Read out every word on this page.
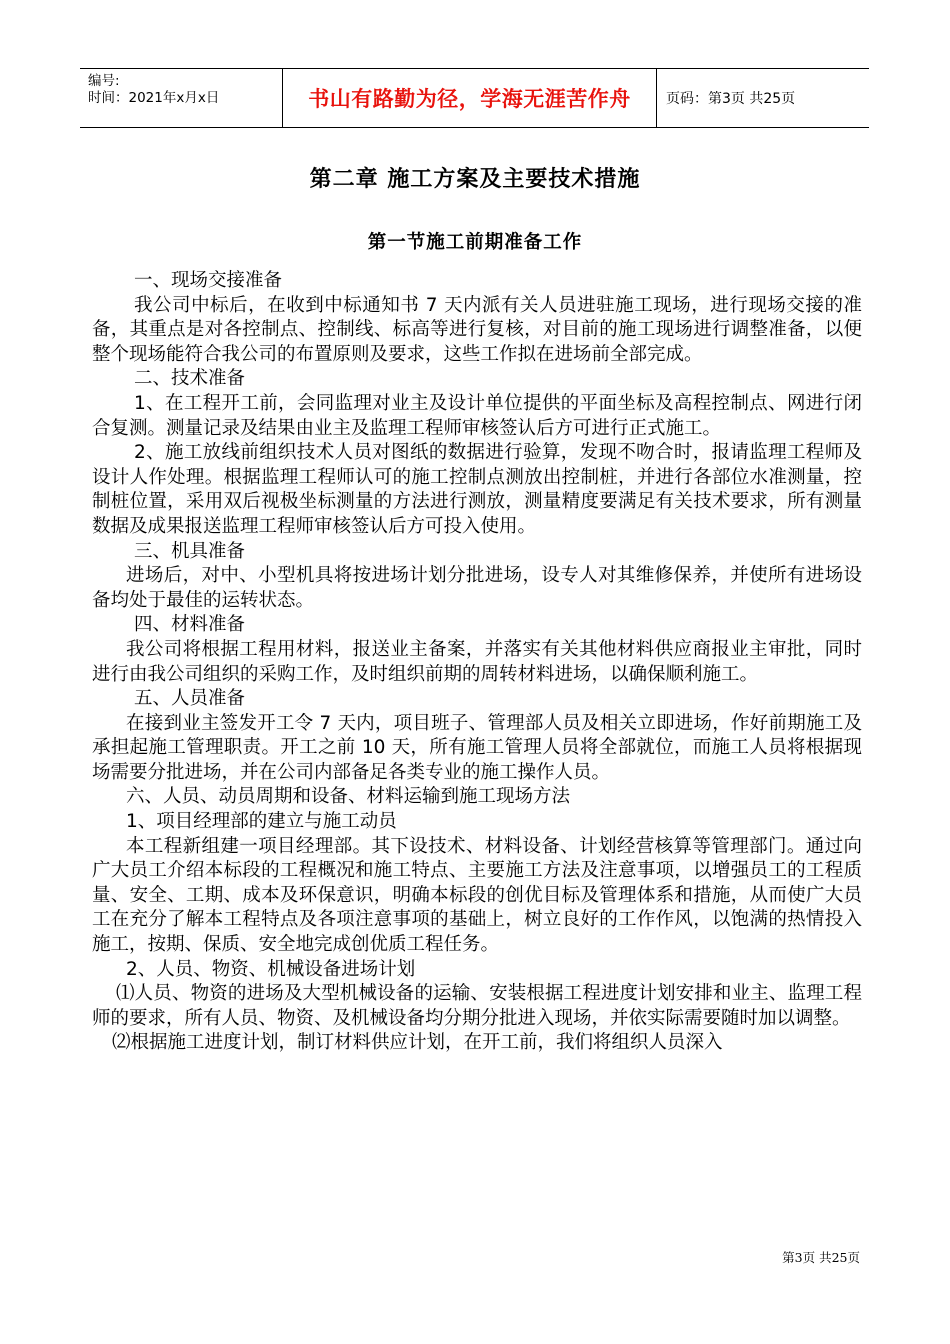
编号:
时间：2021年x月x日	书山有路勤为径，学海无涯苦作舟	页码：第3页 共25页
第二章 施工方案及主要技术措施
第一节施工前期准备工作

一、现场交接准备

我公司中标后，在收到中标通知书 7 天内派有关人员进驻施工现场，进行现场交接的准备，其重点是对各控制点、控制线、标高等进行复核，对目前的施工现场进行调整准备，以便整个现场能符合我公司的布置原则及要求，这些工作拟在进场前全部完成。

二、技术准备

1、在工程开工前，会同监理对业主及设计单位提供的平面坐标及高程控制点、网进行闭合复测。测量记录及结果由业主及监理工程师审核签认后方可进行正式施工。

2、施工放线前组织技术人员对图纸的数据进行验算，发现不吻合时，报请监理工程师及设计人作处理。根据监理工程师认可的施工控制点测放出控制桩，并进行各部位水准测量，控制桩位置，采用双后视极坐标测量的方法进行测放，测量精度要满足有关技术要求，所有测量数据及成果报送监理工程师审核签认后方可投入使用。

三、机具准备

进场后，对中、小型机具将按进场计划分批进场，设专人对其维修保养，并使所有进场设备均处于最佳的运转状态。

四、材料准备

我公司将根据工程用材料，报送业主备案，并落实有关其他材料供应商报业主审批，同时进行由我公司组织的采购工作，及时组织前期的周转材料进场，以确保顺利施工。

五、人员准备

在接到业主签发开工令 7 天内，项目班子、管理部人员及相关立即进场，作好前期施工及承担起施工管理职责。开工之前 10 天，所有施工管理人员将全部就位，而施工人员将根据现场需要分批进场，并在公司内部备足各类专业的施工操作人员。

六、人员、动员周期和设备、材料运输到施工现场方法

1、项目经理部的建立与施工动员

本工程新组建一项目经理部。其下设技术、材料设备、计划经营核算等管理部门。通过向广大员工介绍本标段的工程概况和施工特点、主要施工方法及注意事项，以增强员工的工程质量、安全、工期、成本及环保意识，明确本标段的创优目标及管理体系和措施，从而使广大员工在充分了解本工程特点及各项注意事项的基础上，树立良好的工作作风，以饱满的热情投入施工，按期、保质、安全地完成创优质工程任务。

2、人员、物资、机械设备进场计划

⑴人员、物资的进场及大型机械设备的运输、安装根据工程进度计划安排和业主、监理工程师的要求，所有人员、物资、及机械设备均分期分批进入现场，并依实际需要随时加以调整。

⑵根据施工进度计划，制订材料供应计划，在开工前，我们将组织人员深入

第3页 共25页
